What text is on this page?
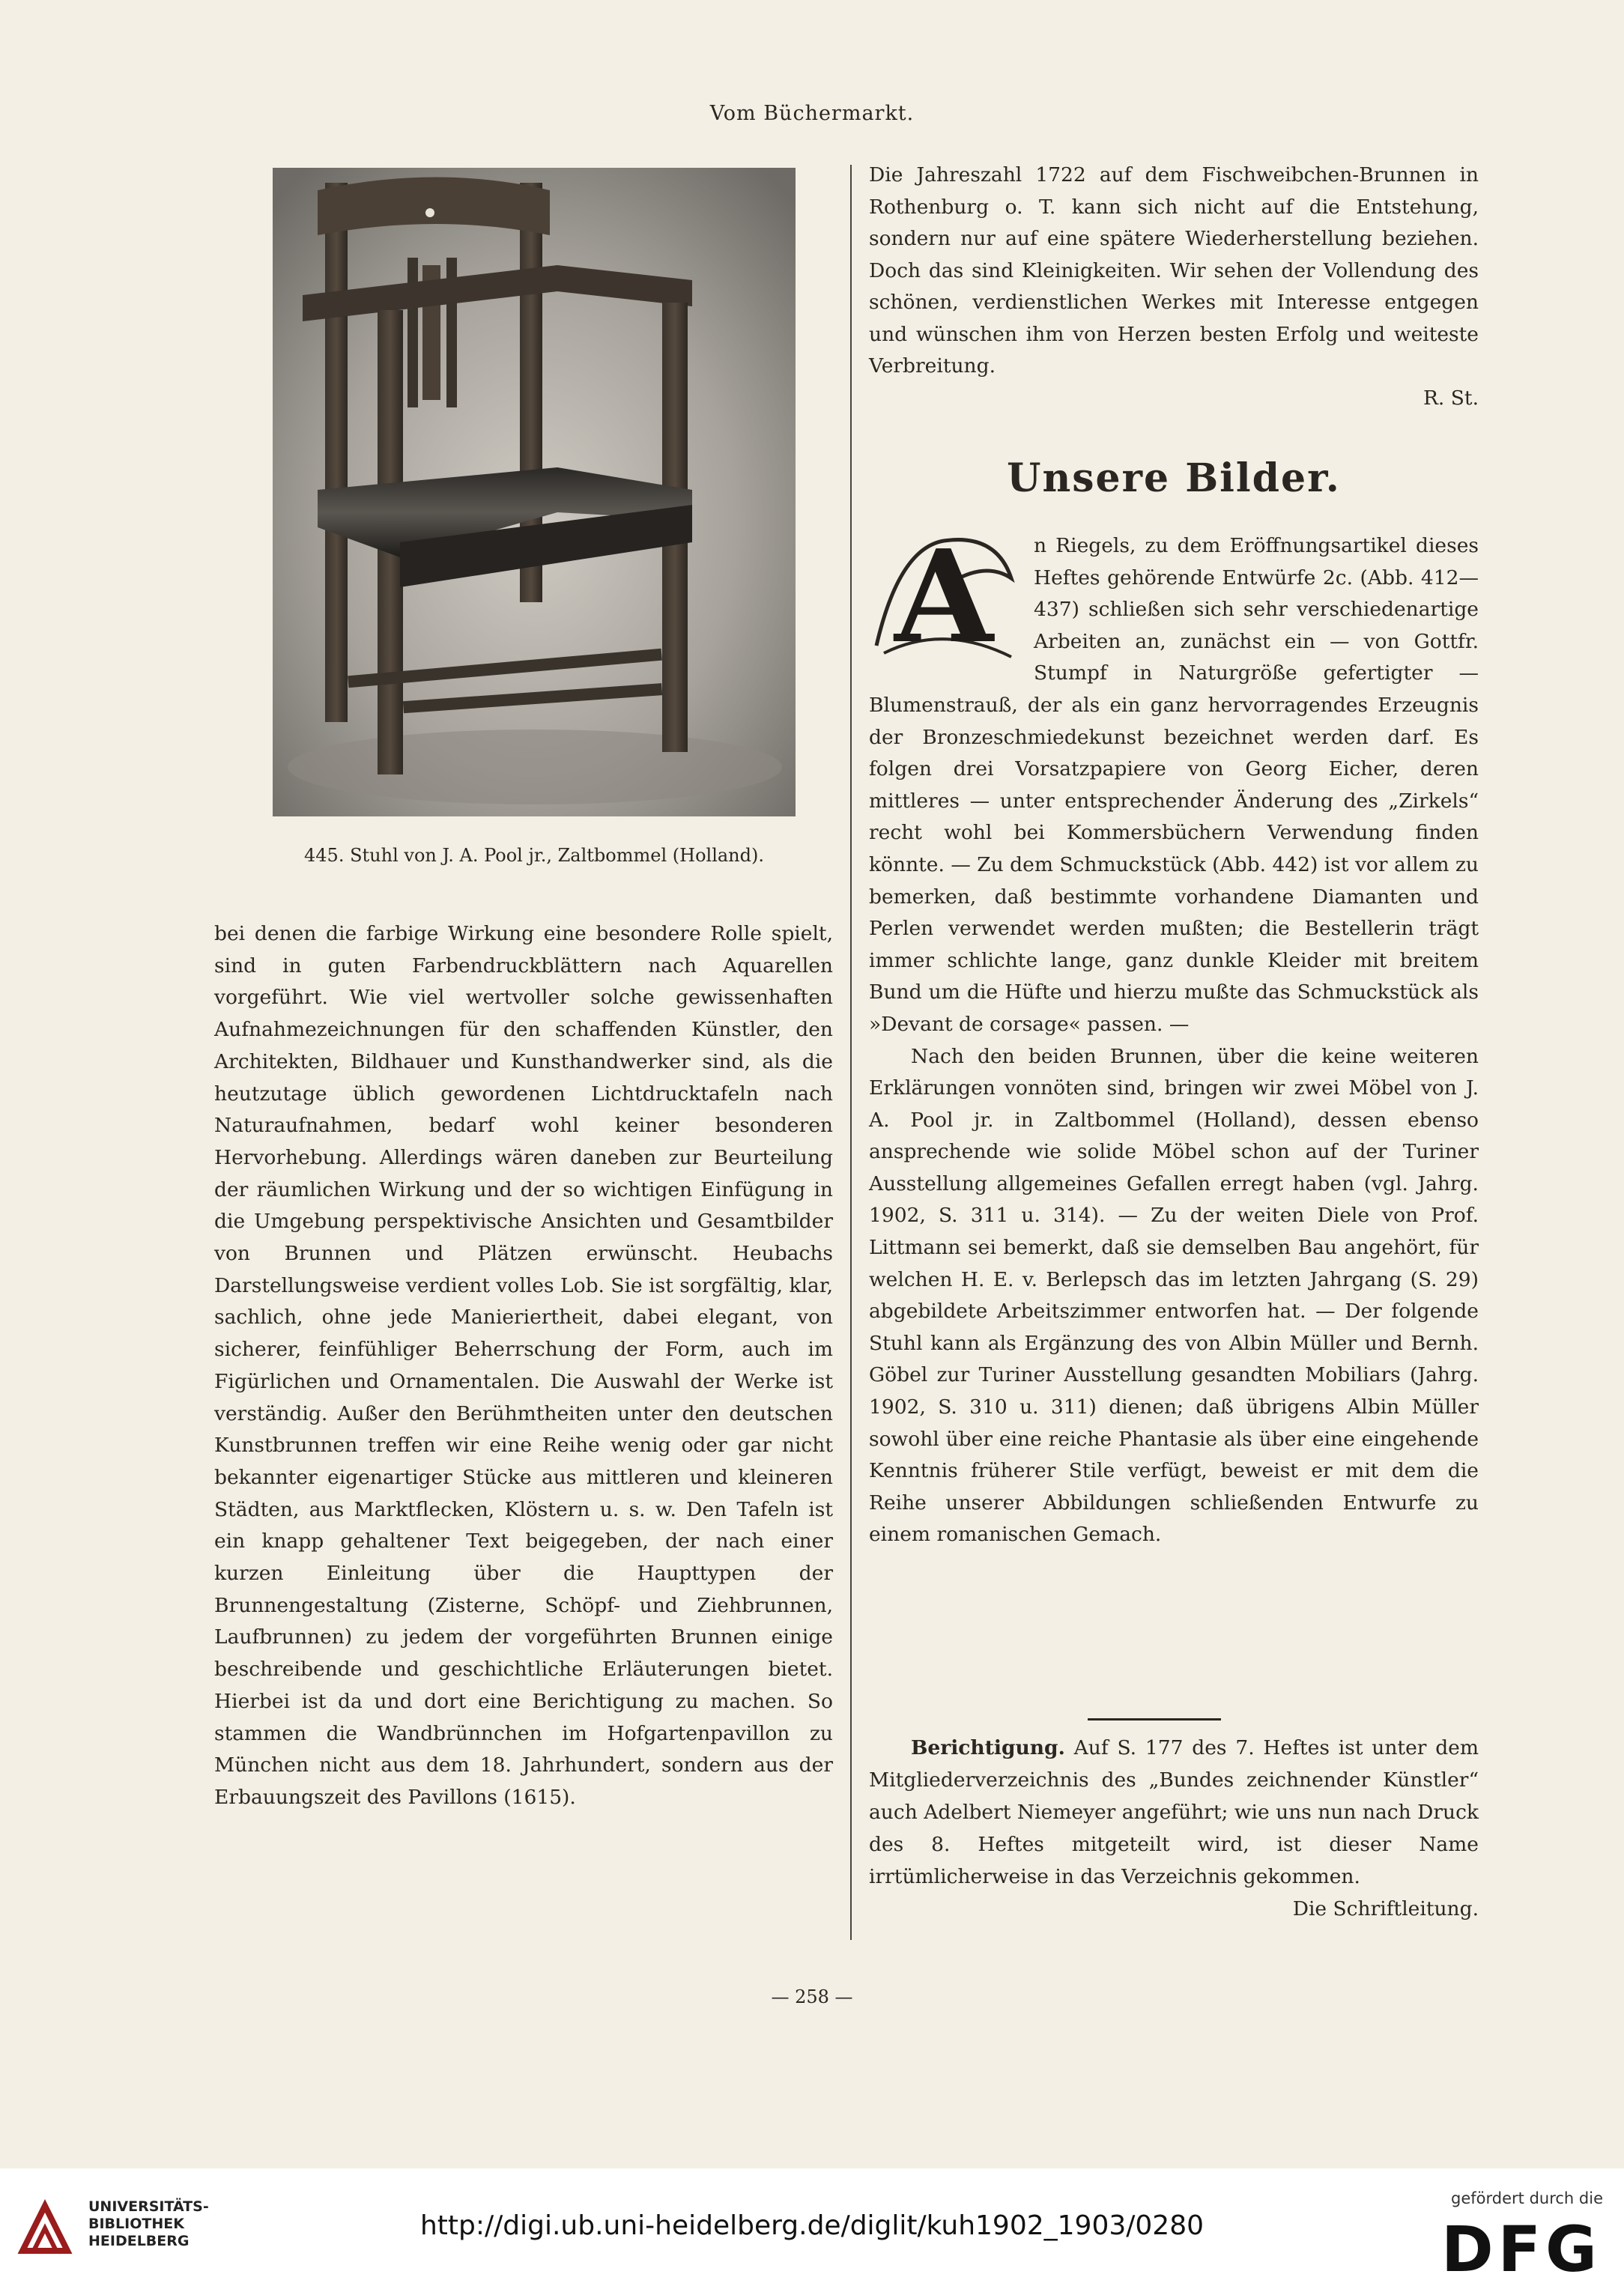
Vom Büchermarkt.
445. Stuhl von J. A. Pool jr., Zaltbommel (Holland).

bei denen die farbige Wirkung eine besondere Rolle spielt, sind in guten Farbendruckblättern nach Aquarellen vorgeführt. Wie viel wertvoller solche gewissenhaften Aufnahmezeichnungen für den schaffenden Künstler, den Architekten, Bildhauer und Kunsthandwerker sind, als die heutzutage üblich gewordenen Lichtdrucktafeln nach Naturaufnahmen, bedarf wohl keiner besonderen Hervorhebung. Allerdings wären daneben zur Beurteilung der räumlichen Wirkung und der so wichtigen Einfügung in die Umgebung perspektivische Ansichten und Gesamtbilder von Brunnen und Plätzen erwünscht. Heubachs Darstellungsweise verdient volles Lob. Sie ist sorgfältig, klar, sachlich, ohne jede Manieriertheit, dabei elegant, von sicherer, feinfühliger Beherrschung der Form, auch im Figürlichen und Ornamentalen. Die Auswahl der Werke ist verständig. Außer den Berühmtheiten unter den deutschen Kunstbrunnen treffen wir eine Reihe wenig oder gar nicht bekannter eigenartiger Stücke aus mittleren und kleineren Städten, aus Marktflecken, Klöstern u. s. w. Den Tafeln ist ein knapp gehaltener Text beigegeben, der nach einer kurzen Einleitung über die Haupttypen der Brunnengestaltung (Zisterne, Schöpf- und Ziehbrunnen, Laufbrunnen) zu jedem der vorgeführten Brunnen einige beschreibende und geschichtliche Erläuterungen bietet. Hierbei ist da und dort eine Berichtigung zu machen. So stammen die Wandbrünnchen im Hofgartenpavillon zu München nicht aus dem 18. Jahrhundert, sondern aus der Erbauungszeit des Pavillons (1615).

Die Jahreszahl 1722 auf dem Fischweibchen-Brunnen in Rothenburg o. T. kann sich nicht auf die Entstehung, sondern nur auf eine spätere Wiederherstellung beziehen. Doch das sind Kleinigkeiten. Wir sehen der Vollendung des schönen, verdienstlichen Werkes mit Interesse entgegen und wünschen ihm von Herzen besten Erfolg und weiteste Verbreitung.

R. St.

Unsere Bilder.
A	n Riegels, zu dem Eröffnungsartikel dieses Heftes gehörende Entwürfe 2c. (Abb. 412—437) schließen sich sehr verschiedenartige Arbeiten an, zunächst ein — von Gottfr. Stumpf in Naturgröße gefertigter — Blumenstrauß, der als ein ganz hervorragendes Erzeugnis der Bronzeschmiedekunst bezeichnet werden darf. Es folgen drei Vorsatzpapiere von Georg Eicher, deren mittleres — unter entsprechender Änderung des „Zirkels“ recht wohl bei Kommersbüchern Verwendung finden könnte. — Zu dem Schmuckstück (Abb. 442) ist vor allem zu bemerken, daß bestimmte vorhandene Diamanten und Perlen verwendet werden mußten; die Bestellerin trägt immer schlichte lange, ganz dunkle Kleider mit breitem Bund um die Hüfte und hierzu mußte das Schmuckstück als »Devant de corsage« passen. —

Nach den beiden Brunnen, über die keine weiteren Erklärungen vonnöten sind, bringen wir zwei Möbel von J. A. Pool jr. in Zaltbommel (Holland), dessen ebenso ansprechende wie solide Möbel schon auf der Turiner Ausstellung allgemeines Gefallen erregt haben (vgl. Jahrg. 1902, S. 311 u. 314). — Zu der weiten Diele von Prof. Littmann sei bemerkt, daß sie demselben Bau angehört, für welchen H. E. v. Berlepsch das im letzten Jahrgang (S. 29) abgebildete Arbeitszimmer entworfen hat. — Der folgende Stuhl kann als Ergänzung des von Albin Müller und Bernh. Göbel zur Turiner Ausstellung gesandten Mobiliars (Jahrg. 1902, S. 310 u. 311) dienen; daß übrigens Albin Müller sowohl über eine reiche Phantasie als über eine eingehende Kenntnis früherer Stile verfügt, beweist er mit dem die Reihe unserer Abbildungen schließenden Entwurfe zu einem romanischen Gemach.

Berichtigung. Auf S. 177 des 7. Heftes ist unter dem Mitgliederverzeichnis des „Bundes zeichnender Künstler“ auch Adelbert Niemeyer angeführt; wie uns nun nach Druck des 8. Heftes mitgeteilt wird, ist dieser Name irrtümlicherweise in das Verzeichnis gekommen.

Die Schriftleitung.

— 258 —
UNIVERSITÄTS-
BIBLIOTHEK
HEIDELBERG	http://digi.ub.uni-heidelberg.de/diglit/kuh1902_1903/0280
gefördert durch die
DFG
